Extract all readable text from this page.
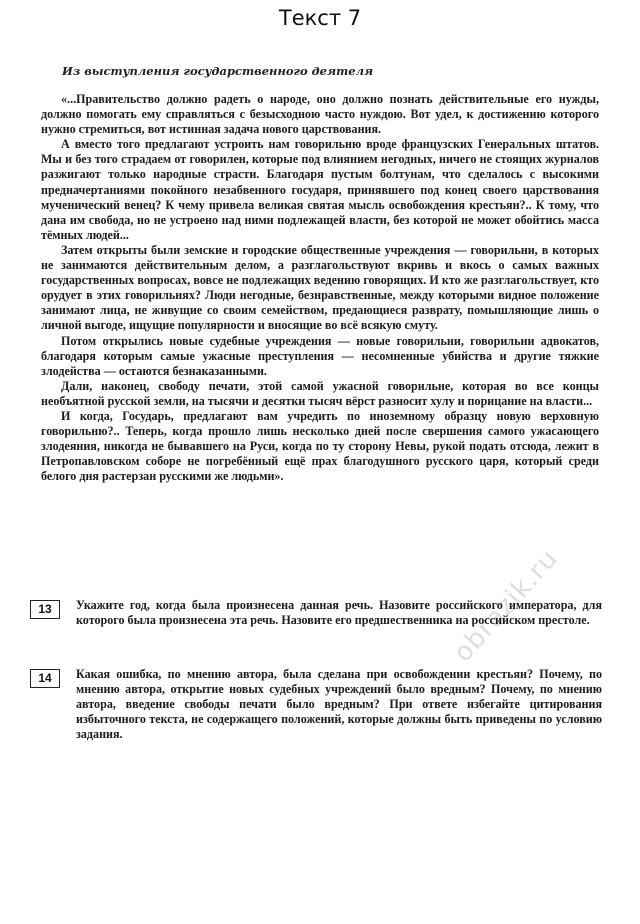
Текст 7
Из выступления государственного деятеля

«...Правительство должно радеть о народе, оно должно познать действительные его нужды, должно помогать ему справляться с безысходною часто нуждою. Вот удел, к достижению которого нужно стремиться, вот истинная задача нового царствования.

А вместо того предлагают устроить нам говорильню вроде французских Генеральных штатов. Мы и без того страдаем от говорилен, которые под влиянием негодных, ничего не стоящих журналов разжигают только народные страсти. Благодаря пустым болтунам, что сделалось с высокими предначертаниями покойного незабвенного государя, принявшего под конец своего царствования мученический венец? К чему привела великая святая мысль освобождения крестьян?.. К тому, что дана им свобода, но не устроено над ними подлежащей власти, без которой не может обойтись масса тёмных людей...

Затем открыты были земские и городские общественные учреждения — говорильни, в которых не занимаются действительным делом, а разглагольствуют вкривь и вкось о самых важных государственных вопросах, вовсе не подлежащих ведению говорящих. И кто же разглагольствует, кто орудует в этих говорильнях? Люди негодные, безнравственные, между которыми видное положение занимают лица, не живущие со своим семейством, предающиеся разврату, помышляющие лишь о личной выгоде, ищущие популярности и вносящие во всё всякую смуту.

Потом открылись новые судебные учреждения — новые говорильни, говорильни адвокатов, благодаря которым самые ужасные преступления — несомненные убийства и другие тяжкие злодейства — остаются безнаказанными.

Дали, наконец, свободу печати, этой самой ужасной говорильне, которая во все концы необъятной русской земли, на тысячи и десятки тысяч вёрст разносит хулу и порицание на власти...

И когда, Государь, предлагают вам учредить по иноземному образцу новую верховную говорильню?.. Теперь, когда прошло лишь несколько дней после свершения самого ужасающего злодеяния, никогда не бывавшего на Руси, когда по ту сторону Невы, рукой подать отсюда, лежит в Петропавловском соборе не погребённый ещё прах благодушного русского царя, который среди белого дня растерзан русскими же людьми».

13	Укажите год, когда была произнесена данная речь. Назовите российского императора, для которого была произнесена эта речь. Назовите его предшественника на российском престоле.
14	Какая ошибка, по мнению автора, была сделана при освобождении крестьян? Почему, по мнению автора, открытие новых судебных учреждений было вредным? Почему, по мнению автора, введение свободы печати было вредным? При ответе избегайте цитирования избыточного текста, не содержащего положений, которые должны быть приведены по условию задания.
obrazik.ru
